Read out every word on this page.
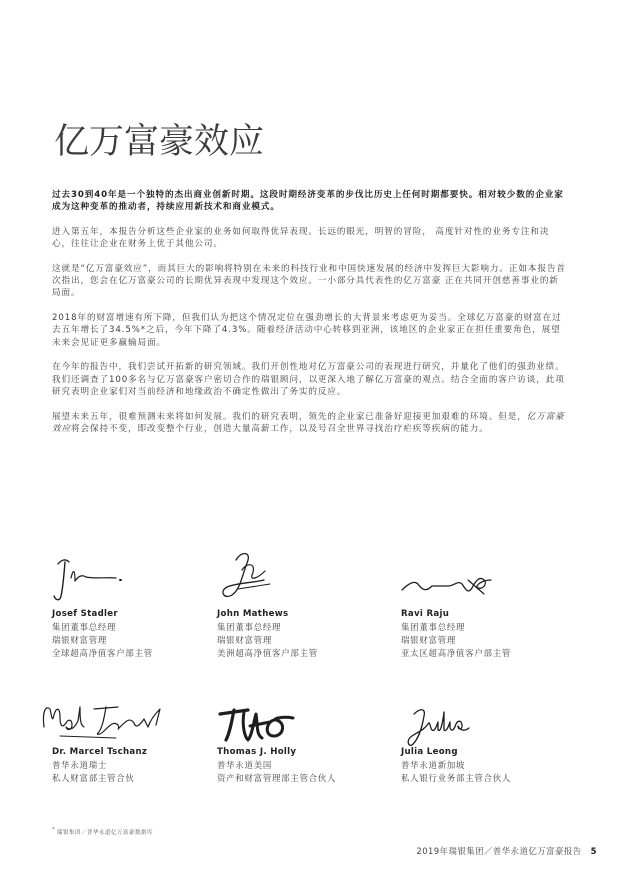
亿万富豪效应

过去30到40年是一个独特的杰出商业创新时期。这段时期经济变革的步伐比历史上任何时期都要快。相对较少数的企业家成为这种变革的推动者，持续应用新技术和商业模式。

进入第五年，本报告分析这些企业家的业务如何取得优异表现。长远的眼光，明智的冒险， 高度针对性的业务专注和决心，往往让企业在财务上优于其他公司。

这就是“亿万富豪效应”，而其巨大的影响将特别在未来的科技行业和中国快速发展的经济中发挥巨大影响力。正如本报告首次指出，您会在亿万富豪公司的长期优异表现中发现这个效应。一小部分具代表性的亿万富豪 正在共同开创慈善事业的新局面。

2018年的财富增速有所下降，但我们认为把这个情况定位在强劲增长的大背景来考虑更为妥当。全球亿万富豪的财富在过去五年增长了34.5%*之后，今年下降了4.3%。随着经济活动中心转移到亚洲，该地区的企业家正在担任重要角色，展望未来会见证更多赢输局面。

在今年的报告中，我们尝试开拓新的研究领域。我们开创性地对亿万富豪公司的表现进行研究，并量化了他们的强劲业绩。我们还调查了100多名与亿万富豪客户密切合作的瑞银顾问，以更深入地了解亿万富豪的观点。结合全面的客户访谈，此项研究表明企业家们对当前经济和地缘政治不确定性做出了务实的反应。

展望未来五年，很难预测未来将如何发展。我们的研究表明，领先的企业家已准备好迎接更加艰难的环境。但是，亿万富豪效应将会保持不变，即改变整个行业，创造大量高薪工作，以及号召全世界寻找治疗疟疾等疾病的能力。

Josef Stadler
集团董事总经理
瑞银财富管理
全球超高净值客户部主管
John Mathews
集团董事总经理
瑞银财富管理
美洲超高净值客户部主管
Ravi Raju
集团董事总经理
瑞银财富管理
亚太区超高净值客户部主管
Dr. Marcel Tschanz
普华永道瑞士
私人财富部主管合伙
Thomas J. Holly
普华永道美国
资产和财富管理部主管合伙人
Julia Leong
普华永道新加坡
私人银行业务部主管合伙人
* 瑞银集团／普华永道亿万富豪数据库
2019年瑞银集团／普华永道亿万富豪报告 5
